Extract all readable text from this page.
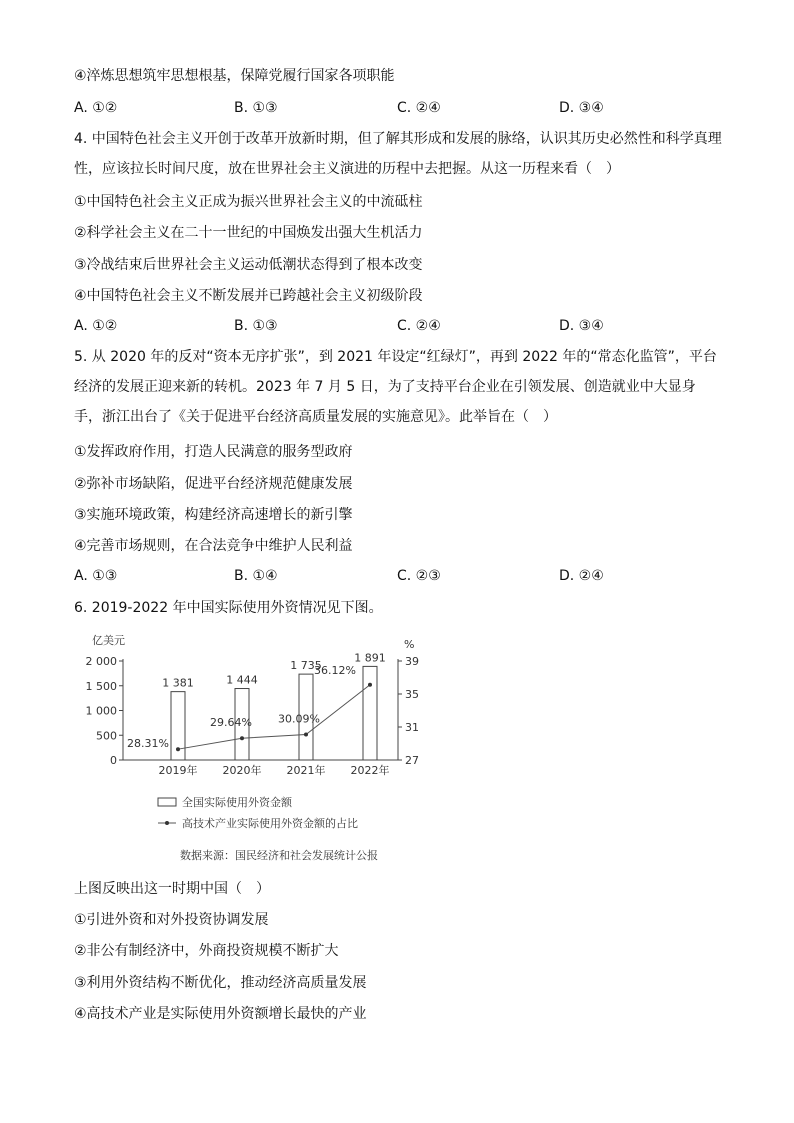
④淬炼思想筑牢思想根基，保障党履行国家各项职能
A. ①②	B. ①③	C. ②④	D. ③④
4. 中国特色社会主义开创于改革开放新时期，但了解其形成和发展的脉络，认识其历史必然性和科学真理性，应该拉长时间尺度，放在世界社会主义演进的历程中去把握。从这一历程来看（　）
①中国特色社会主义正成为振兴世界社会主义的中流砥柱
②科学社会主义在二十一世纪的中国焕发出强大生机活力
③冷战结束后世界社会主义运动低潮状态得到了根本改变
④中国特色社会主义不断发展并已跨越社会主义初级阶段
A. ①②	B. ①③	C. ②④	D. ③④
5. 从 2020 年的反对“资本无序扩张”，到 2021 年设定“红绿灯”，再到 2022 年的“常态化监管”，平台经济的发展正迎来新的转机。2023 年 7 月 5 日，为了支持平台企业在引领发展、创造就业中大显身手，浙江出台了《关于促进平台经济高质量发展的实施意见》。此举旨在（　）
①发挥政府作用，打造人民满意的服务型政府
②弥补市场缺陷，促进平台经济规范健康发展
③实施环境政策，构建经济高速增长的新引擎
④完善市场规则，在合法竞争中维护人民利益
A. ①③	B. ①④	C. ②③	D. ②④
6. 2019-2022 年中国实际使用外资情况见下图。
亿美元	%
0
500
1 000
1 500
2 000
27
31
35
39
1 381
2019年
1 444
2020年
1 735
2021年
1 891
2022年
28.31%
29.64% 30.09%
36.12%
全国实际使用外资金额
高技术产业实际使用外资金额的占比
数据来源：国民经济和社会发展统计公报
上图反映出这一时期中国（　）
①引进外资和对外投资协调发展
②非公有制经济中，外商投资规模不断扩大
③利用外资结构不断优化，推动经济高质量发展
④高技术产业是实际使用外资额增长最快的产业
